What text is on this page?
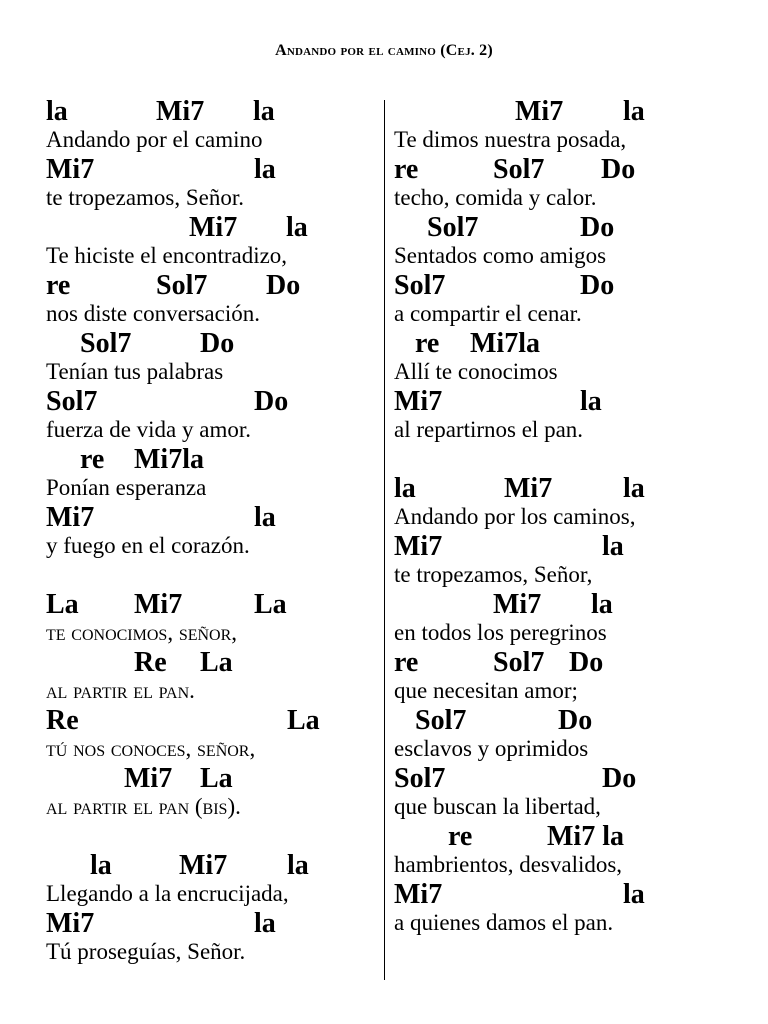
Andando por el camino (Cej. 2)
la	Mi7 la
Andando por el camino
Mi7	la
te tropezamos, Señor.
Mi7 la
Te hiciste el encontradizo,
re	Sol7 Do
nos diste conversación.
Sol7 Do
Tenían tus palabras
Sol7	Do
fuerza de vida y amor.
re Mi7la
Ponían esperanza
Mi7	la
y fuego en el corazón.
La Mi7	La
te conocimos, señor,
Re La
al partir el pan.
Re	La
tú nos conoces, señor,
Mi7 La
al partir el pan (bis).
la Mi7 la
Llegando a la encrucijada,
Mi7	la
Tú proseguías, Señor.
Mi7 la
Te dimos nuestra posada,
re	Sol7 Do
techo, comida y calor.
Sol7	Do
Sentados como amigos
Sol7	Do
a compartir el cenar.
re Mi7la
Allí te conocimos
Mi7	la
al repartirnos el pan.
la	Mi7	la
Andando por los caminos,
Mi7	la
te tropezamos, Señor,
Mi7 la
en todos los peregrinos
re	Sol7 Do
que necesitan amor;
Sol7	Do
esclavos y oprimidos
Sol7	Do
que buscan la libertad,
re	Mi7 la
hambrientos, desvalidos,
Mi7	la
a quienes damos el pan.
